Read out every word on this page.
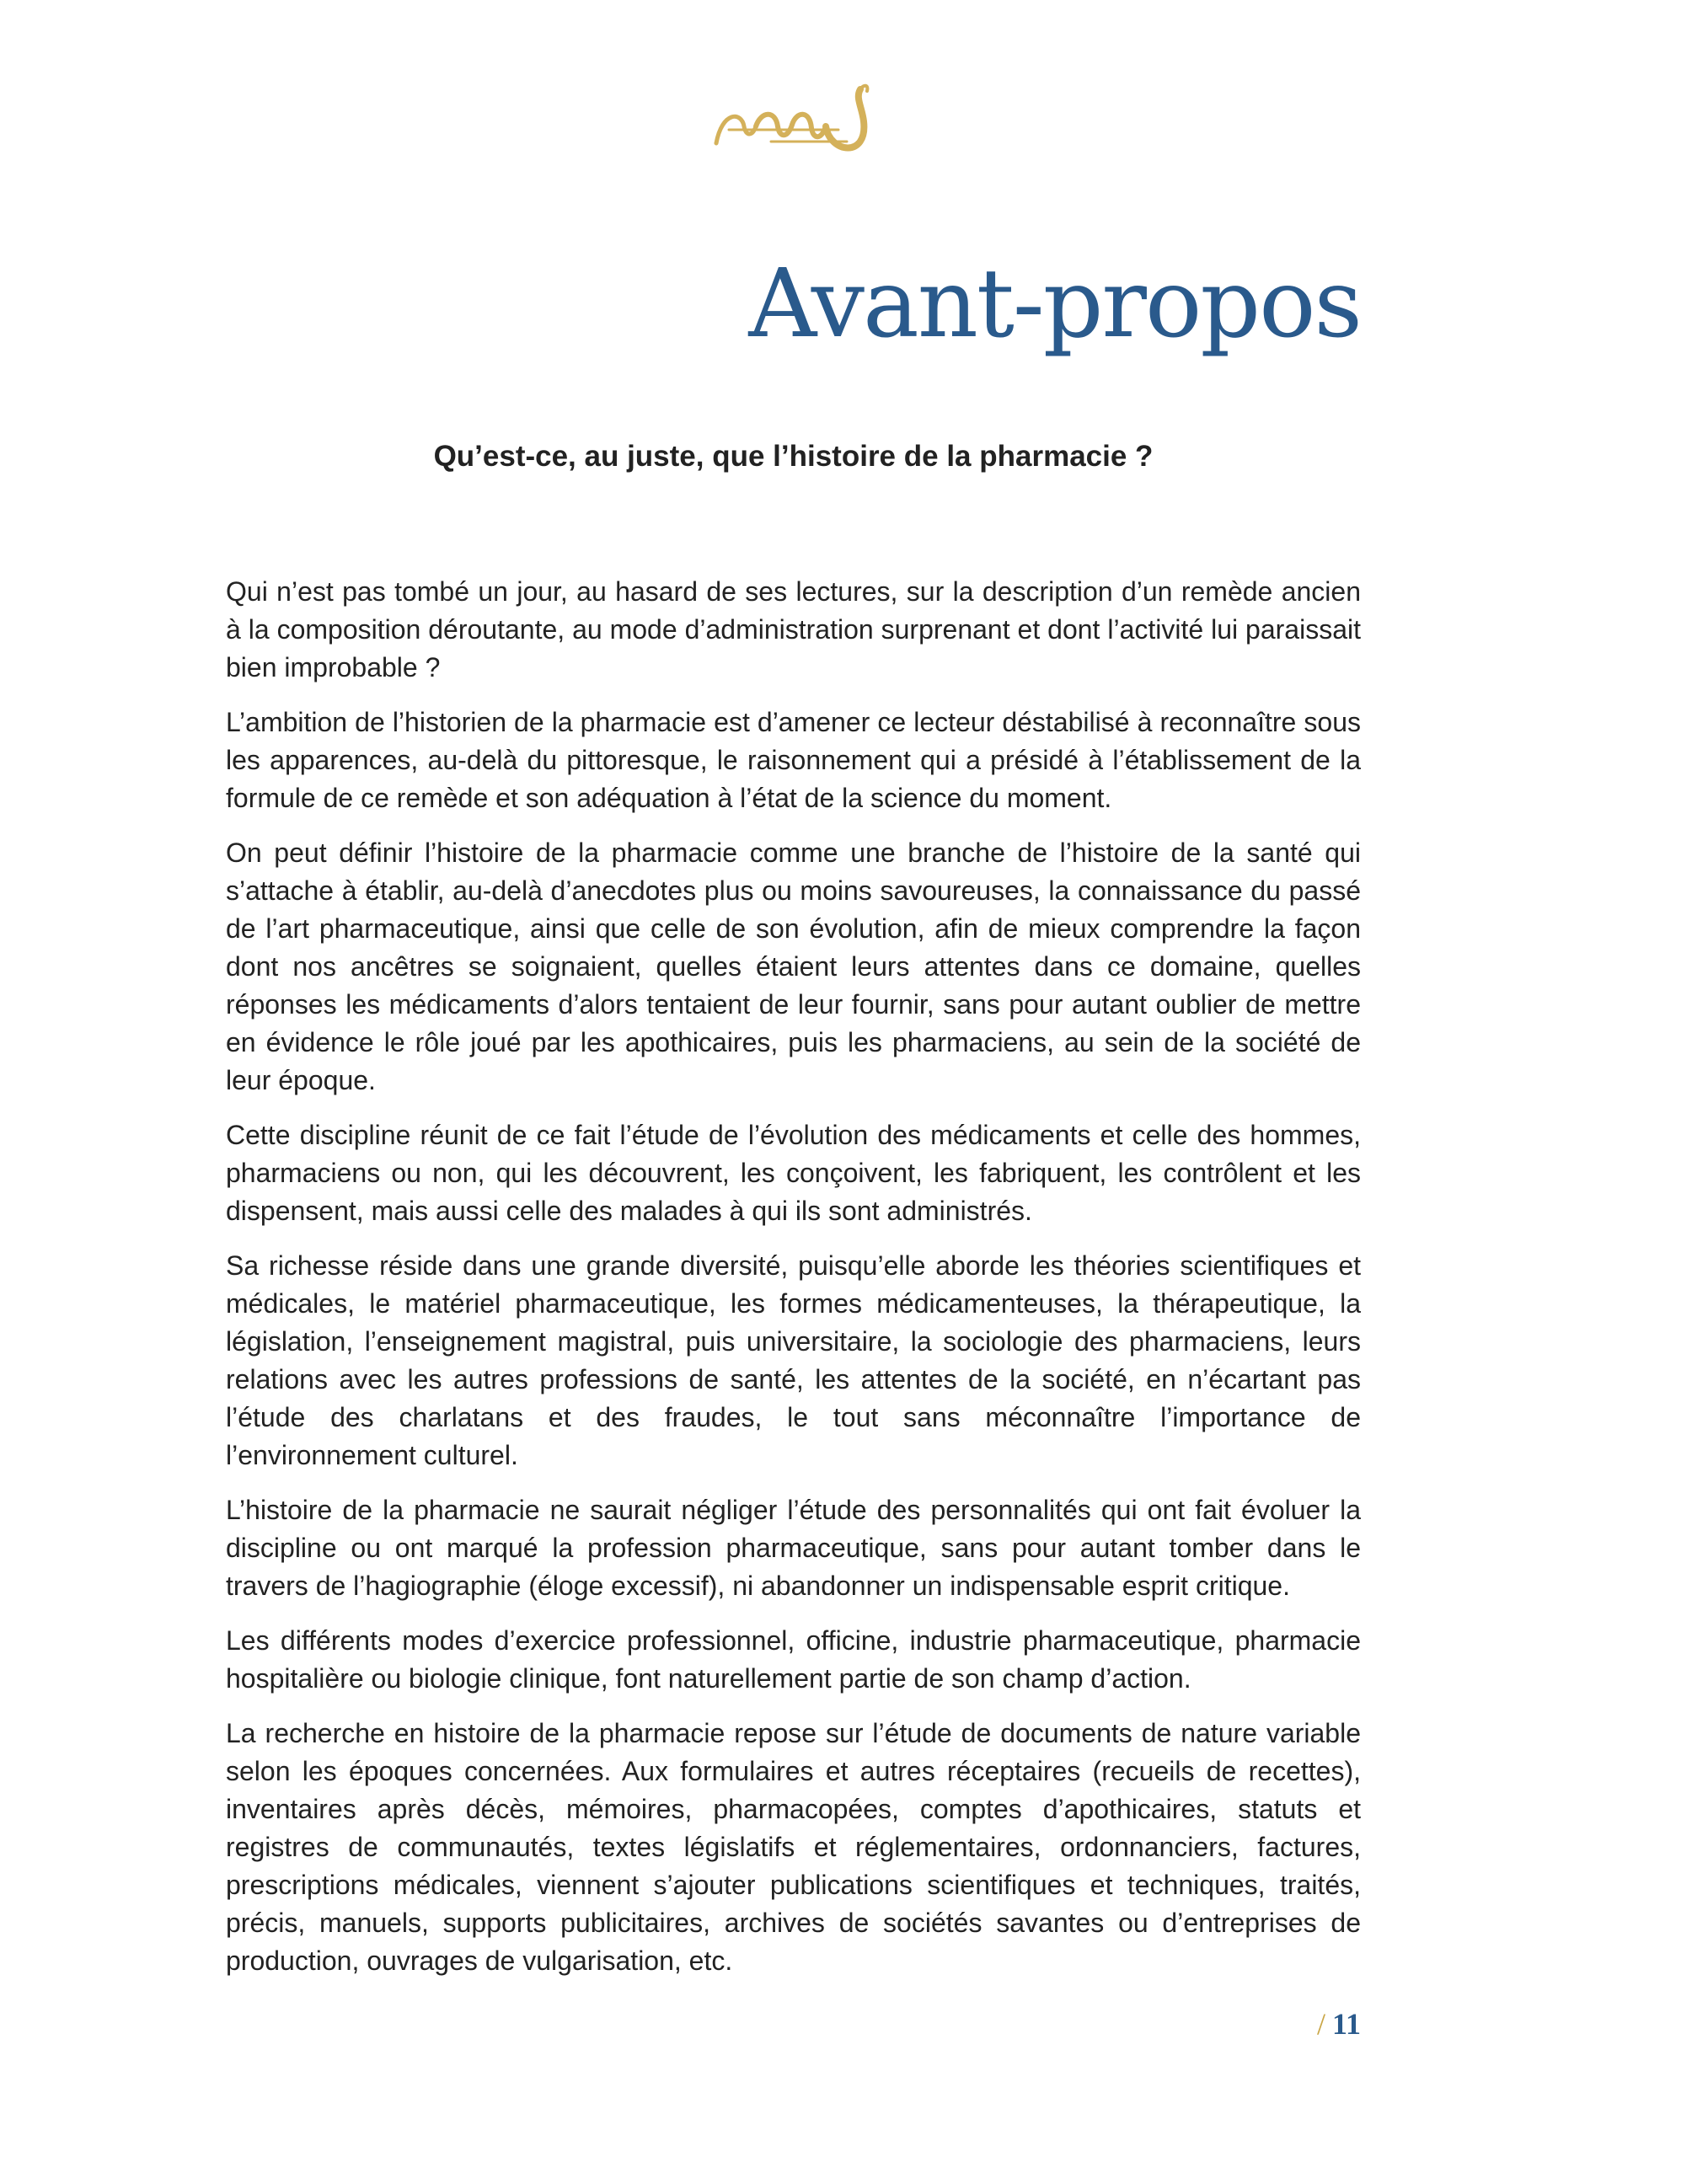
Avant-propos
Qu’est-ce, au juste, que l’histoire de la pharmacie ?

Qui n’est pas tombé un jour, au hasard de ses lectures, sur la description d’un remède ancien à la composition déroutante, au mode d’administration surprenant et dont l’activité lui paraissait bien improbable ?

L’ambition de l’historien de la pharmacie est d’amener ce lecteur déstabilisé à reconnaître sous les apparences, au-delà du pittoresque, le raisonnement qui a présidé à l’établissement de la formule de ce remède et son adéquation à l’état de la science du moment.

On peut définir l’histoire de la pharmacie comme une branche de l’histoire de la santé qui s’attache à établir, au-delà d’anecdotes plus ou moins savoureuses, la connaissance du passé de l’art pharmaceutique, ainsi que celle de son évolution, afin de mieux comprendre la façon dont nos ancêtres se soignaient, quelles étaient leurs attentes dans ce domaine, quelles réponses les médicaments d’alors tentaient de leur fournir, sans pour autant oublier de mettre en évidence le rôle joué par les apothicaires, puis les pharmaciens, au sein de la société de leur époque.

Cette discipline réunit de ce fait l’étude de l’évolution des médicaments et celle des hommes, pharmaciens ou non, qui les découvrent, les conçoivent, les fabriquent, les contrôlent et les dispensent, mais aussi celle des malades à qui ils sont administrés.

Sa richesse réside dans une grande diversité, puisqu’elle aborde les théories scientifiques et médicales, le matériel pharmaceutique, les formes médicamenteuses, la thérapeutique, la législation, l’enseignement magistral, puis universitaire, la sociologie des pharmaciens, leurs relations avec les autres professions de santé, les attentes de la société, en n’écartant pas l’étude des charlatans et des fraudes, le tout sans méconnaître l’importance de l’environnement culturel.

L’histoire de la pharmacie ne saurait négliger l’étude des personnalités qui ont fait évoluer la discipline ou ont marqué la profession pharmaceutique, sans pour autant tomber dans le travers de l’hagiographie (éloge excessif), ni abandonner un indispensable esprit critique.

Les différents modes d’exercice professionnel, officine, industrie pharmaceutique, pharmacie hospitalière ou biologie clinique, font naturellement partie de son champ d’action.

La recherche en histoire de la pharmacie repose sur l’étude de documents de nature variable selon les époques concernées. Aux formulaires et autres réceptaires (recueils de recettes), inventaires après décès, mémoires, pharmacopées, comptes d’apothicaires, statuts et registres de communautés, textes législatifs et réglementaires, ordonnanciers, factures, prescriptions médicales, viennent s’ajouter publications scientifiques et techniques, traités, précis, manuels, supports publicitaires, archives de sociétés savantes ou d’entreprises de production, ouvrages de vulgarisation, etc.

/ 11
